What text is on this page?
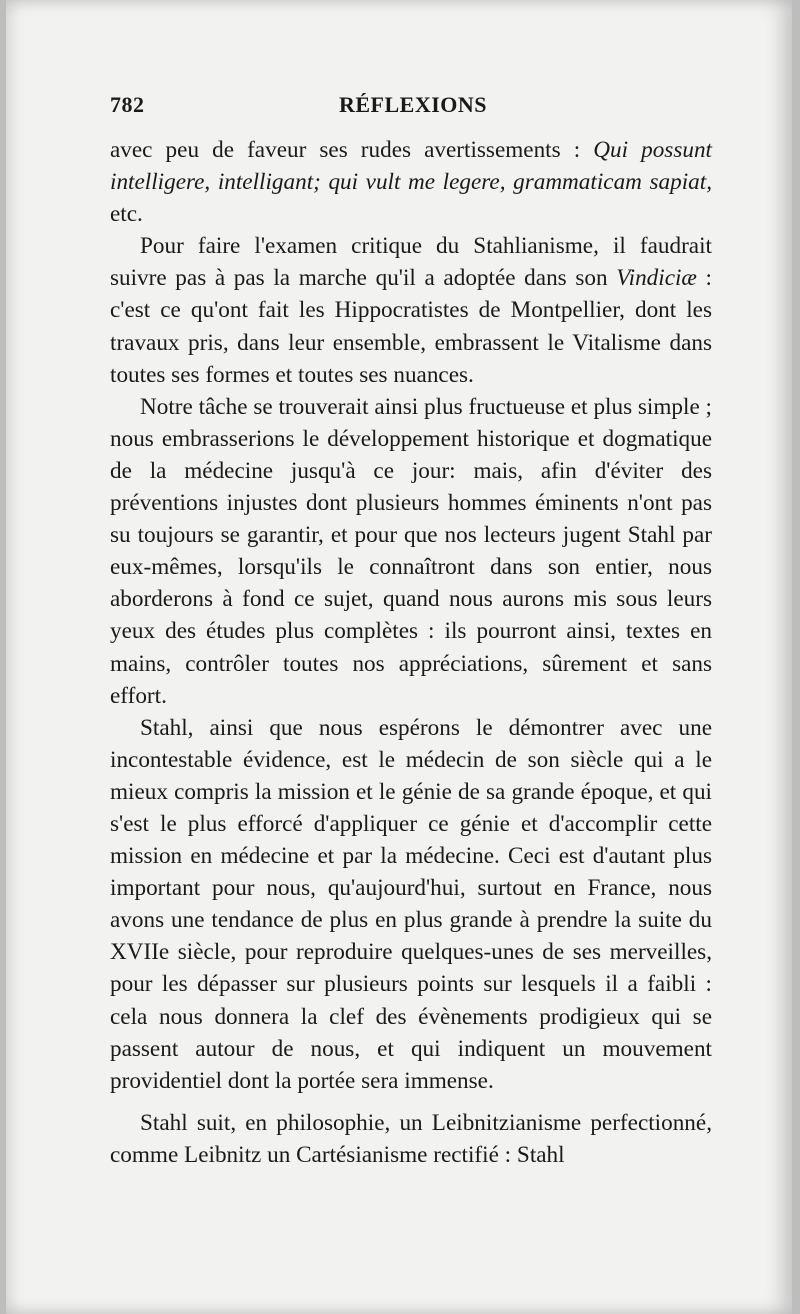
782	RÉFLEXIONS

avec peu de faveur ses rudes avertissements : Qui possunt intelligere, intelligant; qui vult me legere, grammaticam sapiat, etc.

Pour faire l'examen critique du Stahlianisme, il faudrait suivre pas à pas la marche qu'il a adoptée dans son Vindiciæ : c'est ce qu'ont fait les Hippocratistes de Montpellier, dont les travaux pris, dans leur ensemble, embrassent le Vitalisme dans toutes ses formes et toutes ses nuances.

Notre tâche se trouverait ainsi plus fructueuse et plus simple ; nous embrasserions le développement historique et dogmatique de la médecine jusqu'à ce jour: mais, afin d'éviter des préventions injustes dont plusieurs hommes éminents n'ont pas su toujours se garantir, et pour que nos lecteurs jugent Stahl par eux-mêmes, lorsqu'ils le connaîtront dans son entier, nous aborderons à fond ce sujet, quand nous aurons mis sous leurs yeux des études plus complètes : ils pourront ainsi, textes en mains, contrôler toutes nos appréciations, sûrement et sans effort.

Stahl, ainsi que nous espérons le démontrer avec une incontestable évidence, est le médecin de son siècle qui a le mieux compris la mission et le génie de sa grande époque, et qui s'est le plus efforcé d'appliquer ce génie et d'accomplir cette mission en médecine et par la médecine. Ceci est d'autant plus important pour nous, qu'aujourd'hui, surtout en France, nous avons une tendance de plus en plus grande à prendre la suite du XVIIe siècle, pour reproduire quelques-unes de ses merveilles, pour les dépasser sur plusieurs points sur lesquels il a faibli : cela nous donnera la clef des évènements prodigieux qui se passent autour de nous, et qui indiquent un mouvement providentiel dont la portée sera immense.

Stahl suit, en philosophie, un Leibnitzianisme perfectionné, comme Leibnitz un Cartésianisme rectifié : Stahl
